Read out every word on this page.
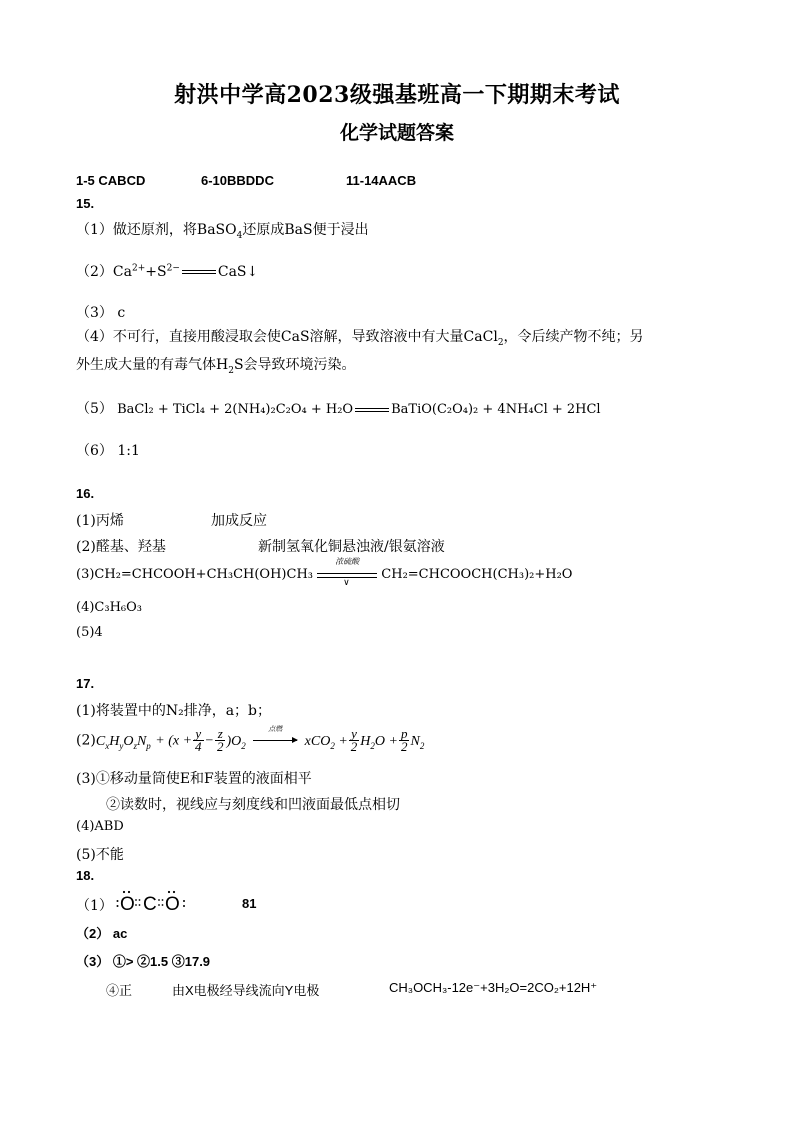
射洪中学高2023级强基班高一下期期末考试
化学试题答案
1-5 CABCD	6-10BBDDC	11-14AACB
15.
（1）做还原剂，将BaSO$_4$还原成BaS便于浸出
$(2)Ca^{2+}+S^{2-}$	CaS↓
（3） c
（4）不可行，直接用酸浸取会使CaS溶解，导致溶液中有大量CaCl$_2$，令后续产物不纯；另
外生成大量的有毒气体$H_2S$会导致环境污染。
（5） BaCl₂ + TiCl₄ + 2(NH₄)₂C₂O₄ + H₂O	BaTiO(C₂O₄)₂ + 4NH₄Cl + 2HCl
（6） 1:1
16.
(1)丙烯	加成反应
(2)醛基、羟基	新制氢氧化铜悬浊液/银氨溶液
(3)CH₂=CHCOOH+CH₃CH(OH)CH₃
浓硫酸
∨
CH₂=CHCOOCH(CH₃)₂+H₂O
(4)C₃H₆O₃
(5)4
17.
(1)将装置中的N₂排净，a；b；
$(2)C_xH_yO_zN_p + (x + \frac{y}{4} - \frac{z}{2} )O_2$
点燃
$xCO_2 + \frac{y}{2} H_2O + \frac{p}{2} N_2$
(3)①移动量筒使E和F装置的液面相平
②读数时，视线应与刻度线和凹液面最低点相切
(4)ABD
(5)不能
18.
（1） O C O	81
（2） ac
（3） ①> ②1.5 ③17.9
④正	由X电极经导线流向Y电极	CH₃OCH₃-12e⁻+3H₂O=2CO₂+12H⁺
